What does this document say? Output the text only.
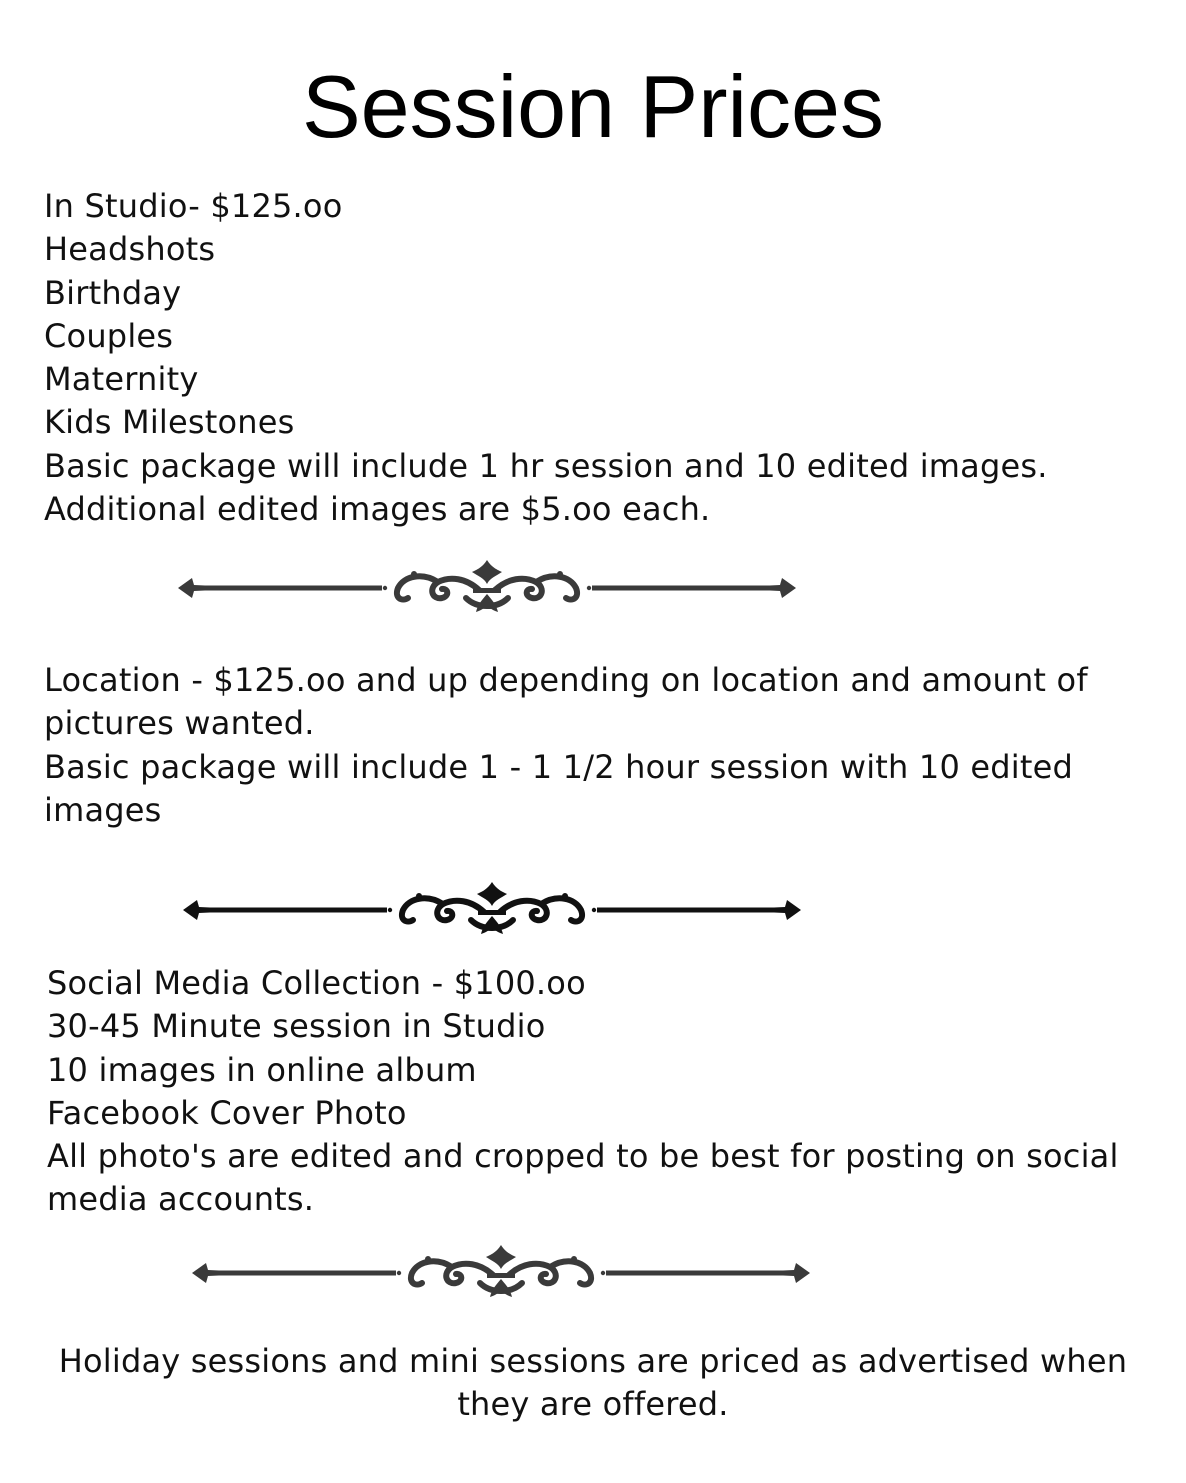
Session Prices
In Studio- $125.oo
Headshots
Birthday
Couples
Maternity
Kids Milestones
Basic package will include 1 hr session and 10 edited images.
Additional edited images are $5.oo each.
Location - $125.oo and up depending on location and amount of pictures wanted.
Basic package will include 1 - 1 1/2 hour session with 10 edited images
Social Media Collection - $100.oo
30-45 Minute session in Studio
10 images in online album
Facebook Cover Photo
All photo's are edited and cropped to be best for posting on social media accounts.
Holiday sessions and mini sessions are priced as advertised when they are offered.
